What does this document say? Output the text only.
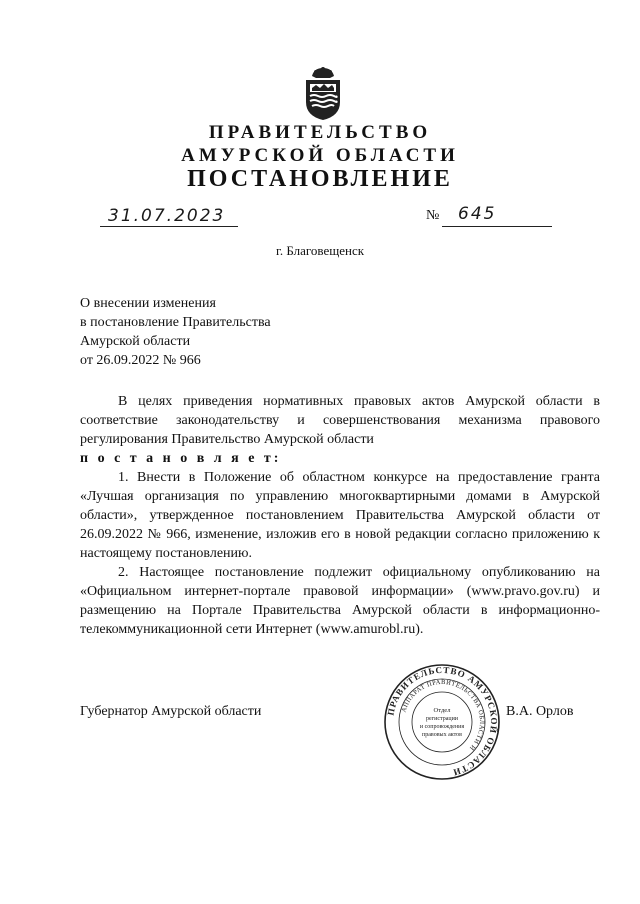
ПРАВИТЕЛЬСТВО
АМУРСКОЙ ОБЛАСТИ
ПОСТАНОВЛЕНИЕ
31.07.2023	№ 645
г. Благовещенск
О внесении изменения
в постановление Правительства
Амурской области
от 26.09.2022 № 966

В целях приведения нормативных правовых актов Амурской области в соответствие законодательству и совершенствования механизма правового регулирования Правительство Амурской области

п о с т а н о в л я е т:

1. Внести в Положение об областном конкурсе на предоставление гранта «Лучшая организация по управлению многоквартирными домами в Амурской области», утвержденное постановлением Правительства Амурской области от 26.09.2022 № 966, изменение, изложив его в новой редакции согласно приложению к настоящему постановлению.

2. Настоящее постановление подлежит официальному опубликованию на «Официальном интернет-портале правовой информации» (www.pravo.gov.ru) и размещению на Портале Правительства Амурской области в информационно-телекоммуникационной сети Интернет (www.amurobl.ru).

Губернатор Амурской области	В.А. Орлов
ПРАВИТЕЛЬСТВО АМУРСКОЙ ОБЛАСТИ
АППАРАТ ПРАВИТЕЛЬСТВА ОБЛАСТИ И
Отдел
регистрации
и сопровождения
правовых актов
